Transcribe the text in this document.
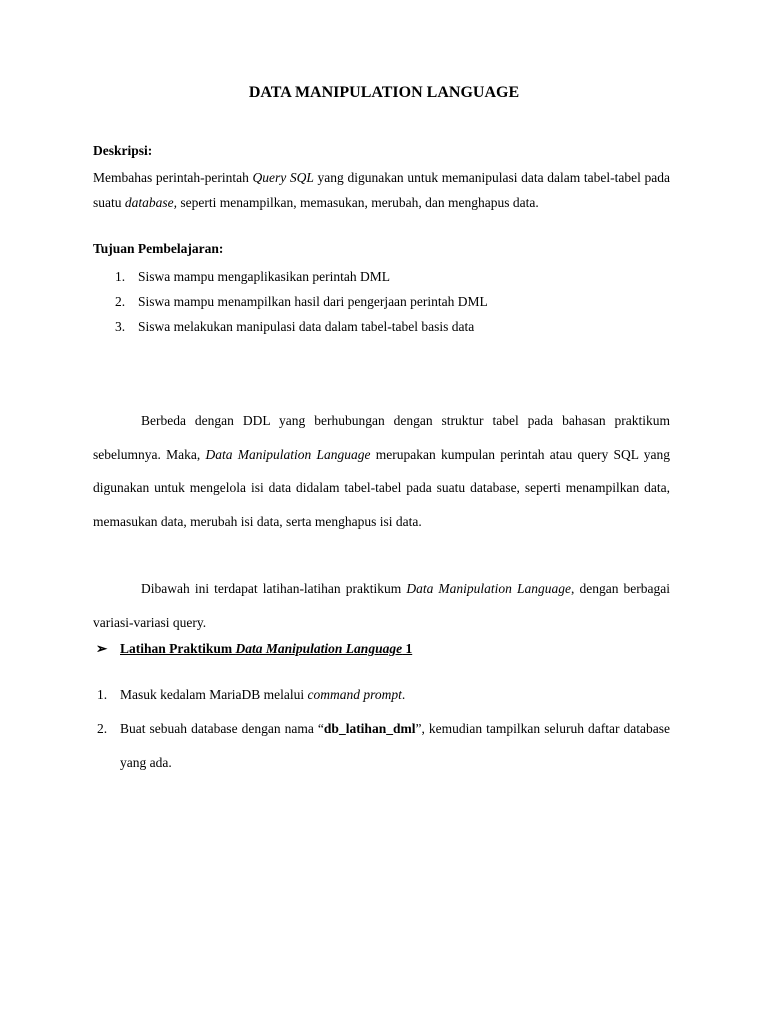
DATA MANIPULATION LANGUAGE
Deskripsi:
Membahas perintah-perintah Query SQL yang digunakan untuk memanipulasi data dalam tabel-tabel pada suatu database, seperti menampilkan, memasukan, merubah, dan menghapus data.
Tujuan Pembelajaran:
1. Siswa mampu mengaplikasikan perintah DML
2. Siswa mampu menampilkan hasil dari pengerjaan perintah DML
3. Siswa melakukan manipulasi data dalam tabel-tabel basis data
Berbeda dengan DDL yang berhubungan dengan struktur tabel pada bahasan praktikum sebelumnya. Maka, Data Manipulation Language merupakan kumpulan perintah atau query SQL yang digunakan untuk mengelola isi data didalam tabel-tabel pada suatu database, seperti menampilkan data, memasukan data, merubah isi data, serta menghapus isi data.
Dibawah ini terdapat latihan-latihan praktikum Data Manipulation Language, dengan berbagai variasi-variasi query.
➢ Latihan Praktikum Data Manipulation Language 1
1. Masuk kedalam MariaDB melalui command prompt.
2. Buat sebuah database dengan nama “db_latihan_dml”, kemudian tampilkan seluruh daftar database yang ada.
